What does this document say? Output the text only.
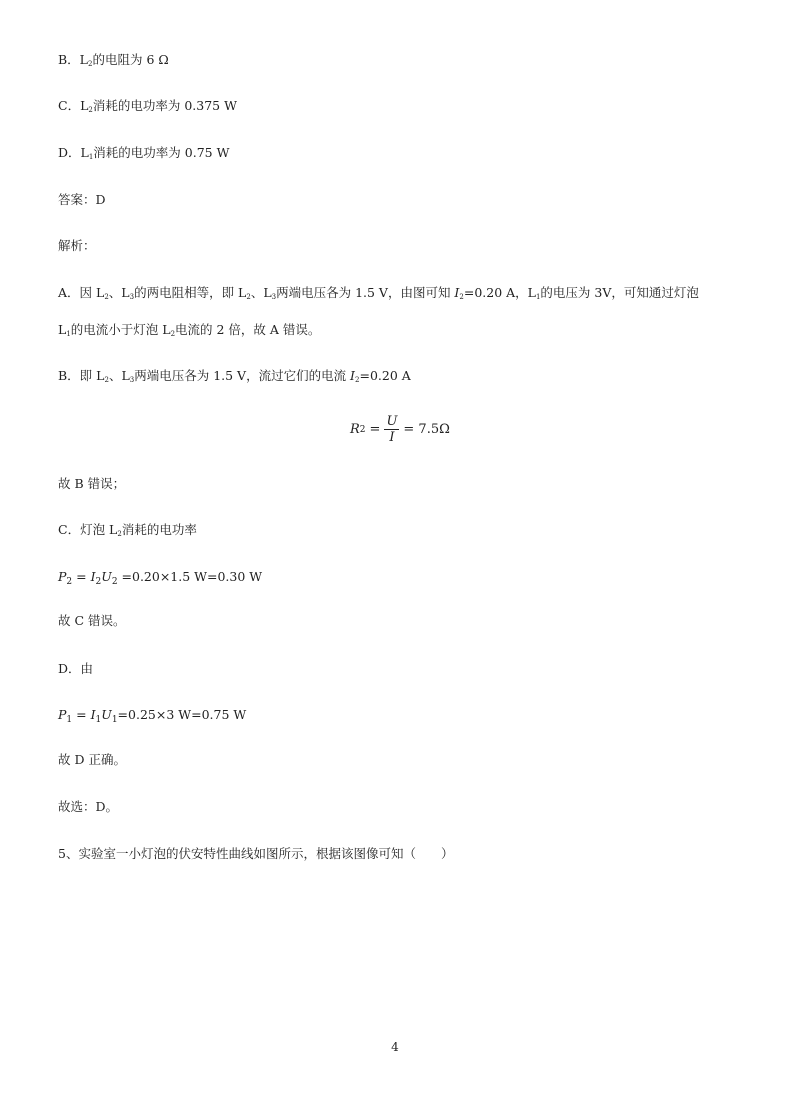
B．$L_2$的电阻为 6 Ω
C．$L_2$消耗的电功率为 0.375 W
D．$L_1$消耗的电功率为 0.75 W
答案：D
解析：
A．因 $L_2$、$L_3$的两电阻相等，即 $L_2$、$L_3$两端电压各为 1.5 V，由图可知 $I_2=0.20$ A，$L_1$的电压为 3V，可知通过灯泡
$L_1$的电流小于灯泡 $L_2$电流的 2 倍，故 A 错误。
B．即 $L_2$、$L_3$两端电压各为 1.5 V，流过它们的电流 $I_2=0.20$ A
R $2 = \frac{U}{I} = 7.5\Omega$
故 B 错误；
C．灯泡 $L_2$消耗的电功率
$P_2 = I_2U_2 =0.20\times 1.5$ W=0.30 W
故 C 错误。
D．由
$P_1 = I_1U_1=0.25\times 3$ W=0.75 W
故 D 正确。
故选：D。
5、实验室一小灯泡的伏安特性曲线如图所示，根据该图像可知（　　）
4
